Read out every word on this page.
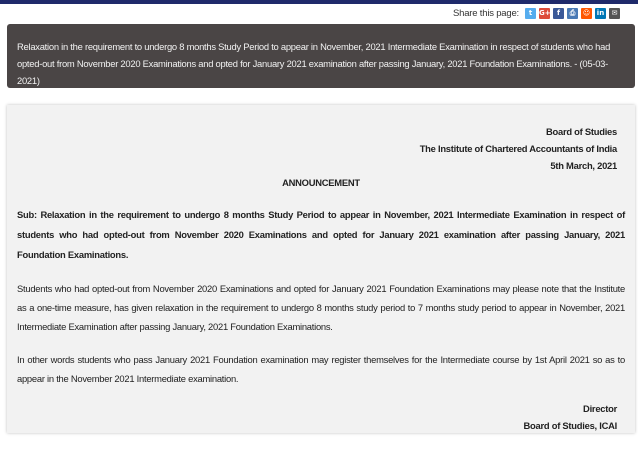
Share this page:	t G+ f	⎙	☺ in	✉
Relaxation in the requirement to undergo 8 months Study Period to appear in November, 2021 Intermediate Examination in respect of students who had opted-out from November 2020 Examinations and opted for January 2021 examination after passing January, 2021 Foundation Examinations. - (05-03-2021)
Board of Studies
The Institute of Chartered Accountants of India
5th March, 2021
ANNOUNCEMENT
Sub: Relaxation in the requirement to undergo 8 months Study Period to appear in November, 2021 Intermediate Examination in respect of students who had opted-out from November 2020 Examinations and opted for January 2021 examination after passing January, 2021 Foundation Examinations.
Students who had opted-out from November 2020 Examinations and opted for January 2021 Foundation Examinations may please note that the Institute as a one-time measure, has given relaxation in the requirement to undergo 8 months study period to 7 months study period to appear in November, 2021 Intermediate Examination after passing January, 2021 Foundation Examinations.
In other words students who pass January 2021 Foundation examination may register themselves for the Intermediate course by 1st April 2021 so as to appear in the November 2021 Intermediate examination.
Director
Board of Studies, ICAI
